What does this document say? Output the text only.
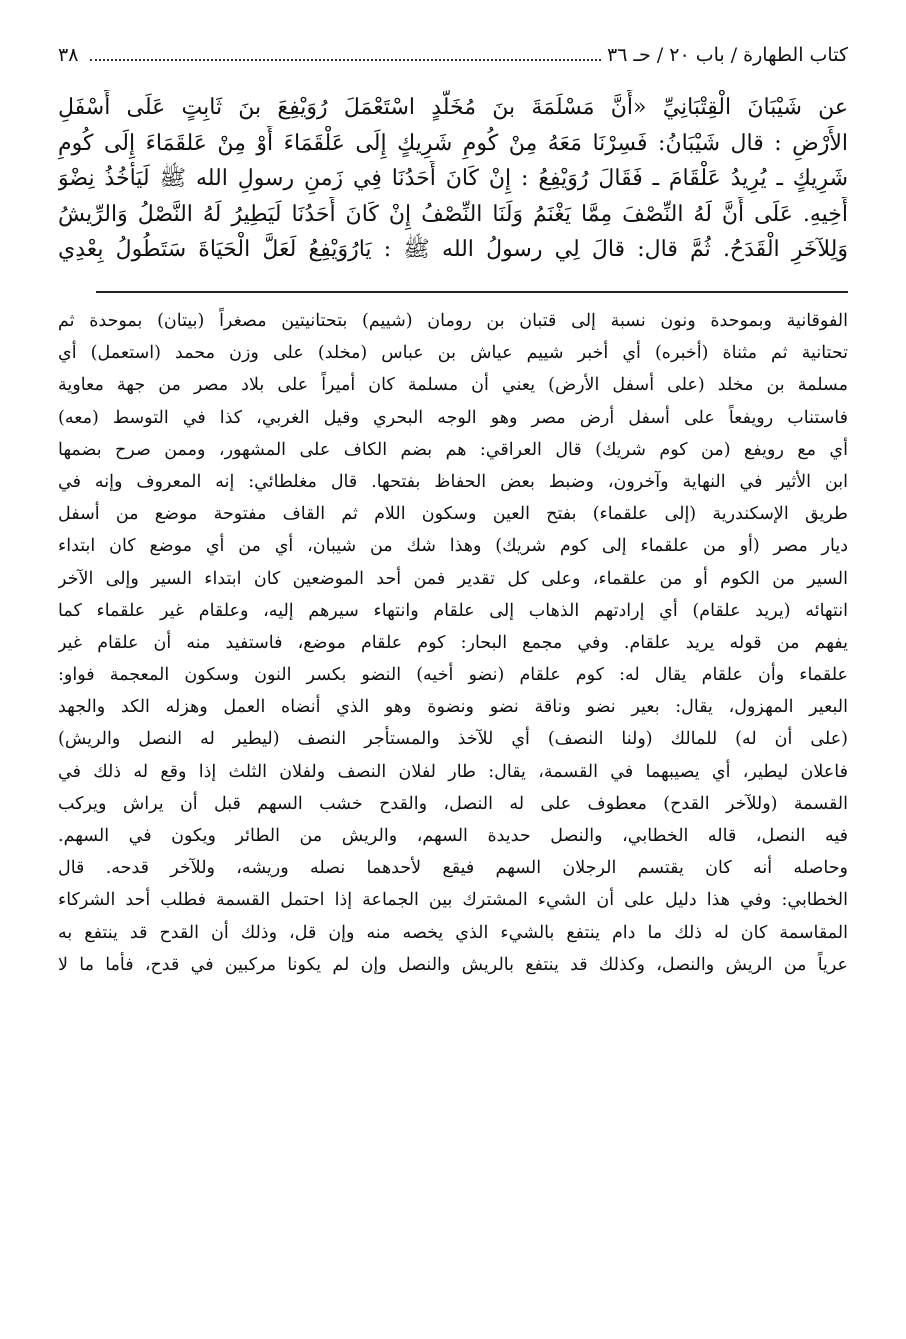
٣٨	كتاب الطهارة / باب ٢٠ / حـ ٣٦
عن شَيْبَانَ الْقِتْبَانِيِّ «أَنَّ مَسْلَمَةَ بنَ مُخَلَّدٍ اسْتَعْمَلَ رُوَيْفِعَ بنَ ثَابِتٍ عَلَى أَسْفَلِ
الأَرْضِ : قال شَيْبَانُ: فَسِرْنَا مَعَهُ مِنْ كُومِ شَرِيكٍ إِلَى عَلْقَمَاءَ أَوْ مِنْ عَلقَمَاءَ إِلَى كُومِ
شَرِيكٍ ـ يُرِيدُ عَلْقَامَ ـ فَقَالَ رُوَيْفِعُ : إِنْ كَانَ أَحَدُنَا فِي زَمنِ رسولِ الله ﷺ لَيَأْخُذُ نِضْوَ
أَخِيهِ. عَلَى أَنَّ لَهُ النِّصْفَ مِمَّا يَغْنَمُ وَلَنَا النِّصْفُ إِنْ كَانَ أَحَدُنَا لَيَطِيرُ لَهُ النَّصْلُ وَالرِّيشُ
وَلِلآخَرِ الْقَدَحُ. ثُمَّ قال: قالَ لِي رسولُ الله ﷺ : يَارُوَيْفِعُ لَعَلَّ الْحَيَاةَ سَتَطُولُ بِعْدِي
الفوقانية وبموحدة ونون نسبة إلى قتبان بن رومان (شييم) بتحتانيتين مصغراً (بيتان) بموحدة ثم
تحتانية ثم مثناة (أخبره) أي أخبر شييم عياش بن عباس (مخلد) على وزن محمد (استعمل) أي
مسلمة بن مخلد (على أسفل الأرض) يعني أن مسلمة كان أميراً على بلاد مصر من جهة معاوية
فاستناب رويفعاً على أسفل أرض مصر وهو الوجه البحري وقيل الغربي، كذا في التوسط (معه)
أي مع رويفع (من كوم شريك) قال العراقي: هم بضم الكاف على المشهور، وممن صرح بضمها
ابن الأثير في النهاية وآخرون، وضبط بعض الحفاظ بفتحها. قال مغلطائي: إنه المعروف وإنه في
طريق الإسكندرية (إلى علقماء) بفتح العين وسكون اللام ثم القاف مفتوحة موضع من أسفل
ديار مصر (أو من علقماء إلى كوم شريك) وهذا شك من شيبان، أي من أي موضع كان ابتداء
السير من الكوم أو من علقماء، وعلى كل تقدير فمن أحد الموضعين كان ابتداء السير وإلى الآخر
انتهائه (يريد علقام) أي إرادتهم الذهاب إلى علقام وانتهاء سيرهم إليه، وعلقام غير علقماء كما
يفهم من قوله يريد علقام. وفي مجمع البحار: كوم علقام موضع، فاستفيد منه أن علقام غير
علقماء وأن علقام يقال له: كوم علقام (نضو أخيه) النضو بكسر النون وسكون المعجمة فواو:
البعير المهزول، يقال: بعير نضو وناقة نضو ونضوة وهو الذي أنضاه العمل وهزله الكد والجهد
(على أن له) للمالك (ولنا النصف) أي للآخذ والمستأجر النصف (ليطير له النصل والريش)
فاعلان ليطير، أي يصيبهما في القسمة، يقال: طار لفلان النصف ولفلان الثلث إذا وقع له ذلك في
القسمة (وللآخر القدح) معطوف على له النصل، والقدح خشب السهم قبل أن يراش ويركب
فيه النصل، قاله الخطابي، والنصل حديدة السهم، والريش من الطائر ويكون في السهم.
وحاصله أنه كان يقتسم الرجلان السهم فيقع لأحدهما نصله وريشه، وللآخر قدحه. قال
الخطابي: وفي هذا دليل على أن الشيء المشترك بين الجماعة إذا احتمل القسمة فطلب أحد الشركاء
المقاسمة كان له ذلك ما دام ينتفع بالشيء الذي يخصه منه وإن قل، وذلك أن القدح قد ينتفع به
عرياً من الريش والنصل، وكذلك قد ينتفع بالريش والنصل وإن لم يكونا مركبين في قدح، فأما ما لا
